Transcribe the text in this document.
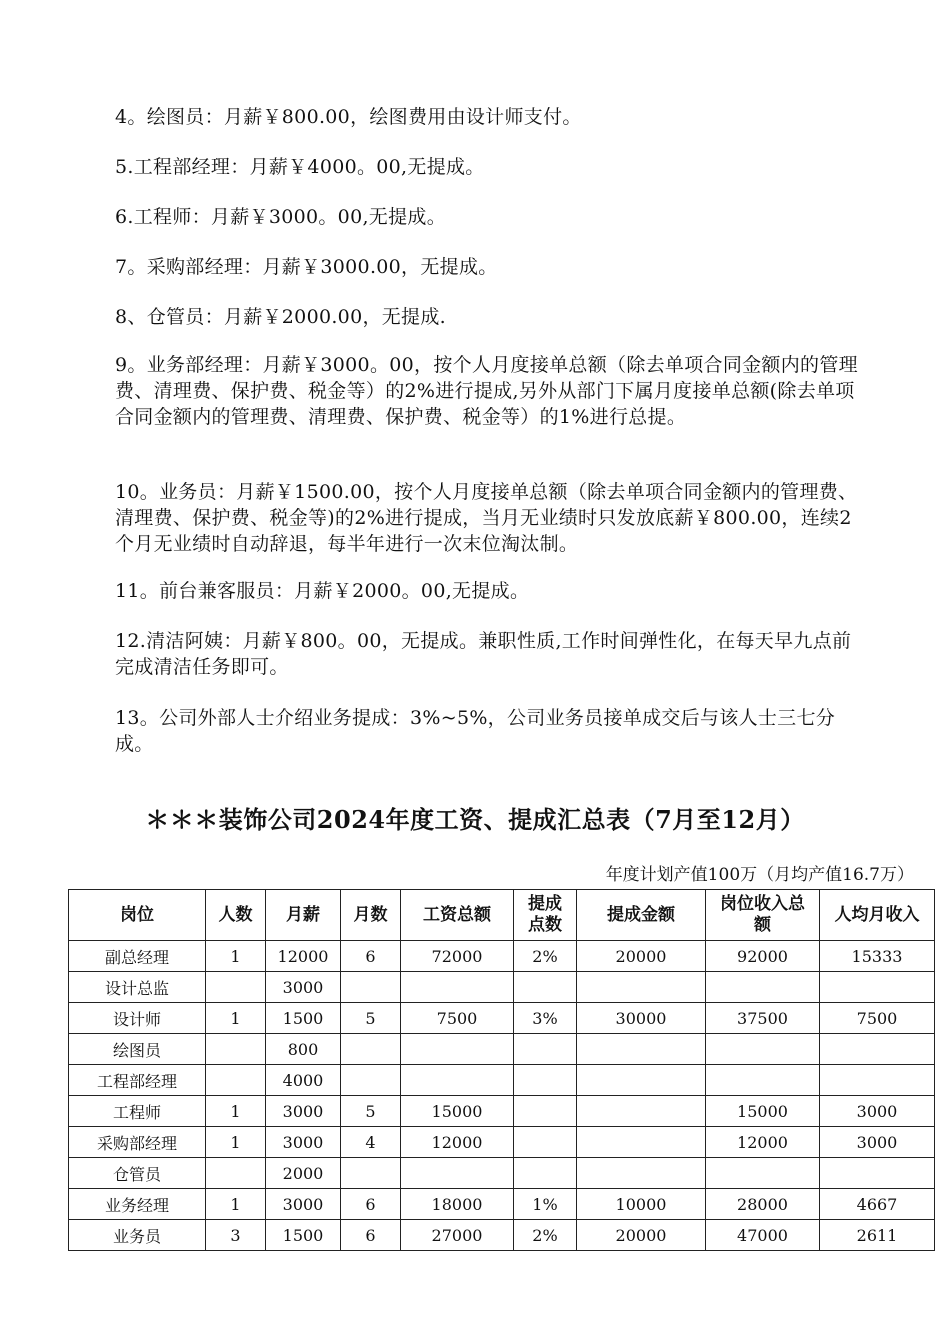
4。绘图员：月薪￥800.00，绘图费用由设计师支付。

5.工程部经理：月薪￥4000。00,无提成。

6.工程师：月薪￥3000。00,无提成。

7。采购部经理：月薪￥3000.00，无提成。

8、仓管员：月薪￥2000.00，无提成.

9。业务部经理：月薪￥3000。00，按个人月度接单总额（除去单项合同金额内的管理费、清理费、保护费、税金等）的2%进行提成,另外从部门下属月度接单总额(除去单项合同金额内的管理费、清理费、保护费、税金等）的1%进行总提。

10。业务员：月薪￥1500.00，按个人月度接单总额（除去单项合同金额内的管理费、清理费、保护费、税金等)的2%进行提成，当月无业绩时只发放底薪￥800.00，连续2个月无业绩时自动辞退，每半年进行一次末位淘汰制。

11。前台兼客服员：月薪￥2000。00,无提成。

12.清洁阿姨：月薪￥800。00，无提成。兼职性质,工作时间弹性化，在每天早九点前完成清洁任务即可。

13。公司外部人士介绍业务提成：3%~5%，公司业务员接单成交后与该人士三七分成。

＊＊＊装饰公司2024年度工资、提成汇总表（7月至12月）

年度计划产值100万（月均产值16.7万）

岗位	人数	月薪	月数	工资总额	提成点数	提成金额	岗位收入总额	人均月收入
副总经理	1	12000	6	72000	2%	20000	92000	15333
设计总监		3000						
设计师	1	1500	5	7500	3%	30000	37500	7500
绘图员		800						
工程部经理		4000						
工程师	1	3000	5	15000			15000	3000
采购部经理	1	3000	4	12000			12000	3000
仓管员		2000						
业务经理	1	3000	6	18000	1%	10000	28000	4667
业务员	3	1500	6	27000	2%	20000	47000	2611
